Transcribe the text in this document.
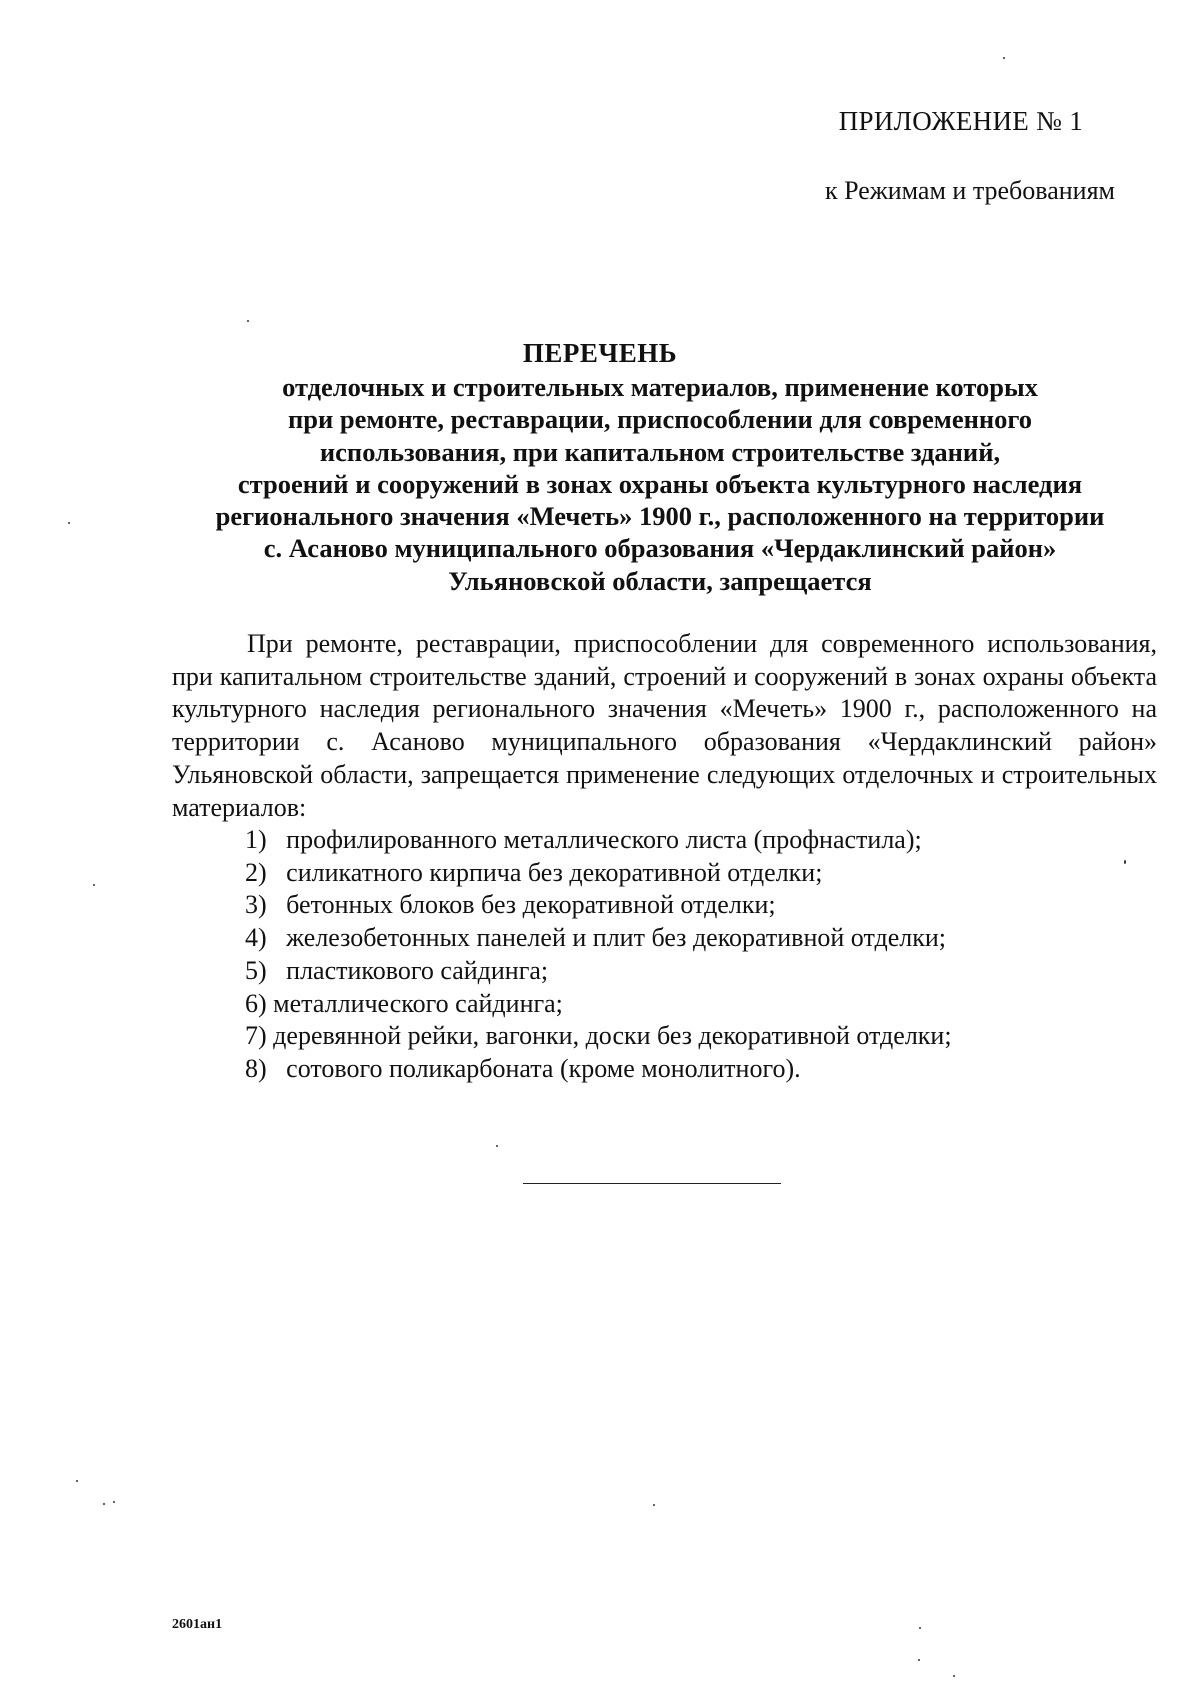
ПРИЛОЖЕНИЕ № 1
к Режимам и требованиям
ПЕРЕЧЕНЬ
отделочных и строительных материалов, применение которых
при ремонте, реставрации, приспособлении для современного
использования, при капитальном строительстве зданий,
строений и сооружений в зонах охраны объекта культурного наследия
регионального значения «Мечеть» 1900 г., расположенного на территории
с. Асаново муниципального образования «Чердаклинский район»
Ульяновской области, запрещается

При ремонте, реставрации, приспособлении для современного использования, при капитальном строительстве зданий, строений и сооружений в зонах охраны объекта культурного наследия регионального значения «Мечеть» 1900 г., расположенного на территории с. Асаново муниципального образования «Чердаклинский район» Ульяновской области, запрещается применение следующих отделочных и строительных материалов:

1) профилированного металлического листа (профнастила);
2) силикатного кирпича без декоративной отделки;
3) бетонных блоков без декоративной отделки;
4) железобетонных панелей и плит без декоративной отделки;
5) пластикового сайдинга;
6) металлического сайдинга;
7) деревянной рейки, вагонки, доски без декоративной отделки;
8) сотового поликарбоната (кроме монолитного).
2601ан1
